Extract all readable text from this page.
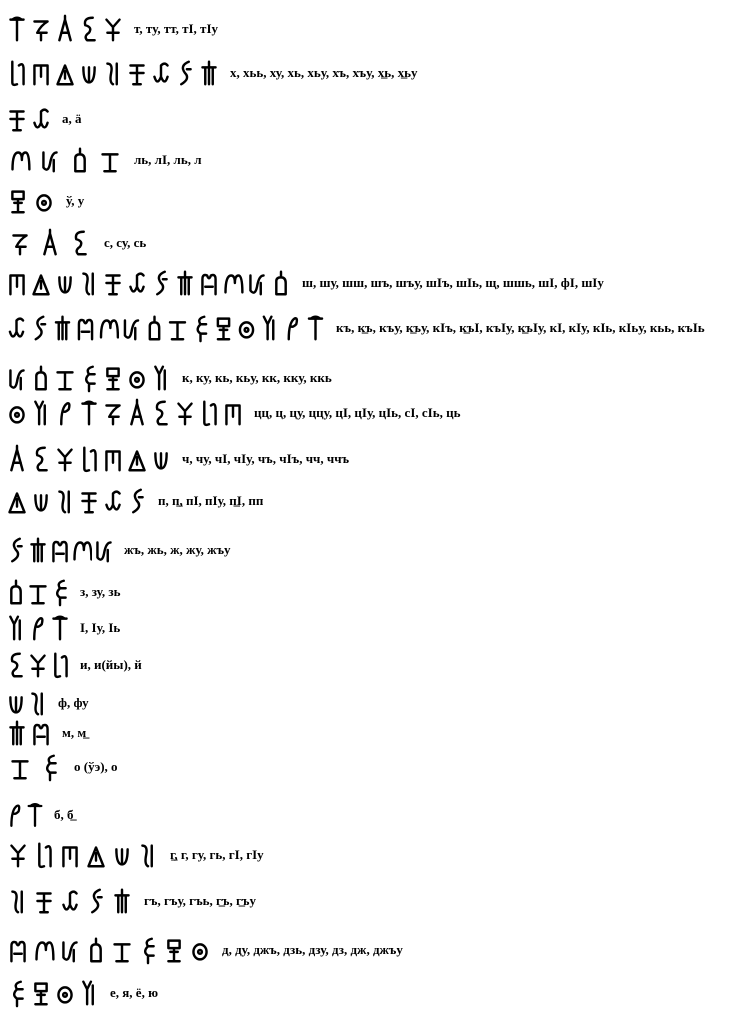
т, ту, тт, тӀ, тӀу
х, хьь, ху, хь, хьу, хъ, хъу, х̲ь, х̲ьу
а, ӓ
ль, лӀ, ль, л
ў, у
с, су, сь
ш, шу, шш, шъ, шъу, шӀъ, шӀь, щ, шшь, шӀ, фӀ, шӀу
къ, к̲ъ, къу, к̲ъу, кӀъ, к̲ъӀ, къӀу, к̲ъӀу, кӀ, кӀу, кӀь, кӀьу, кьь, къӀь
к, ку, кь, кьу, кк, кку, ккь
цц, ц, цу, ццу, цӀ, цӀу, цӀь, сӀ, сӀь, ць
ч, чу, чӀ, чӀу, чъ, чӀъ, чч, ччъ
п, п̲, пӀ, пӀу, п̲Ӏ, пп
жъ, жь, ж, жу, жъу
з, зу, зь
Ӏ, Ӏу, Ӏь
и, и(йы), й
ф, фу
м, м̲
о (ўэ), о
б, б̲
г̲, г, гу, гь, гӀ, гӀу
гъ, гъу, гъь, г̲ъ, г̲ъу
д, ду, джъ, дзь, дзу, дз, дж, джъу
е, я, ё, ю
